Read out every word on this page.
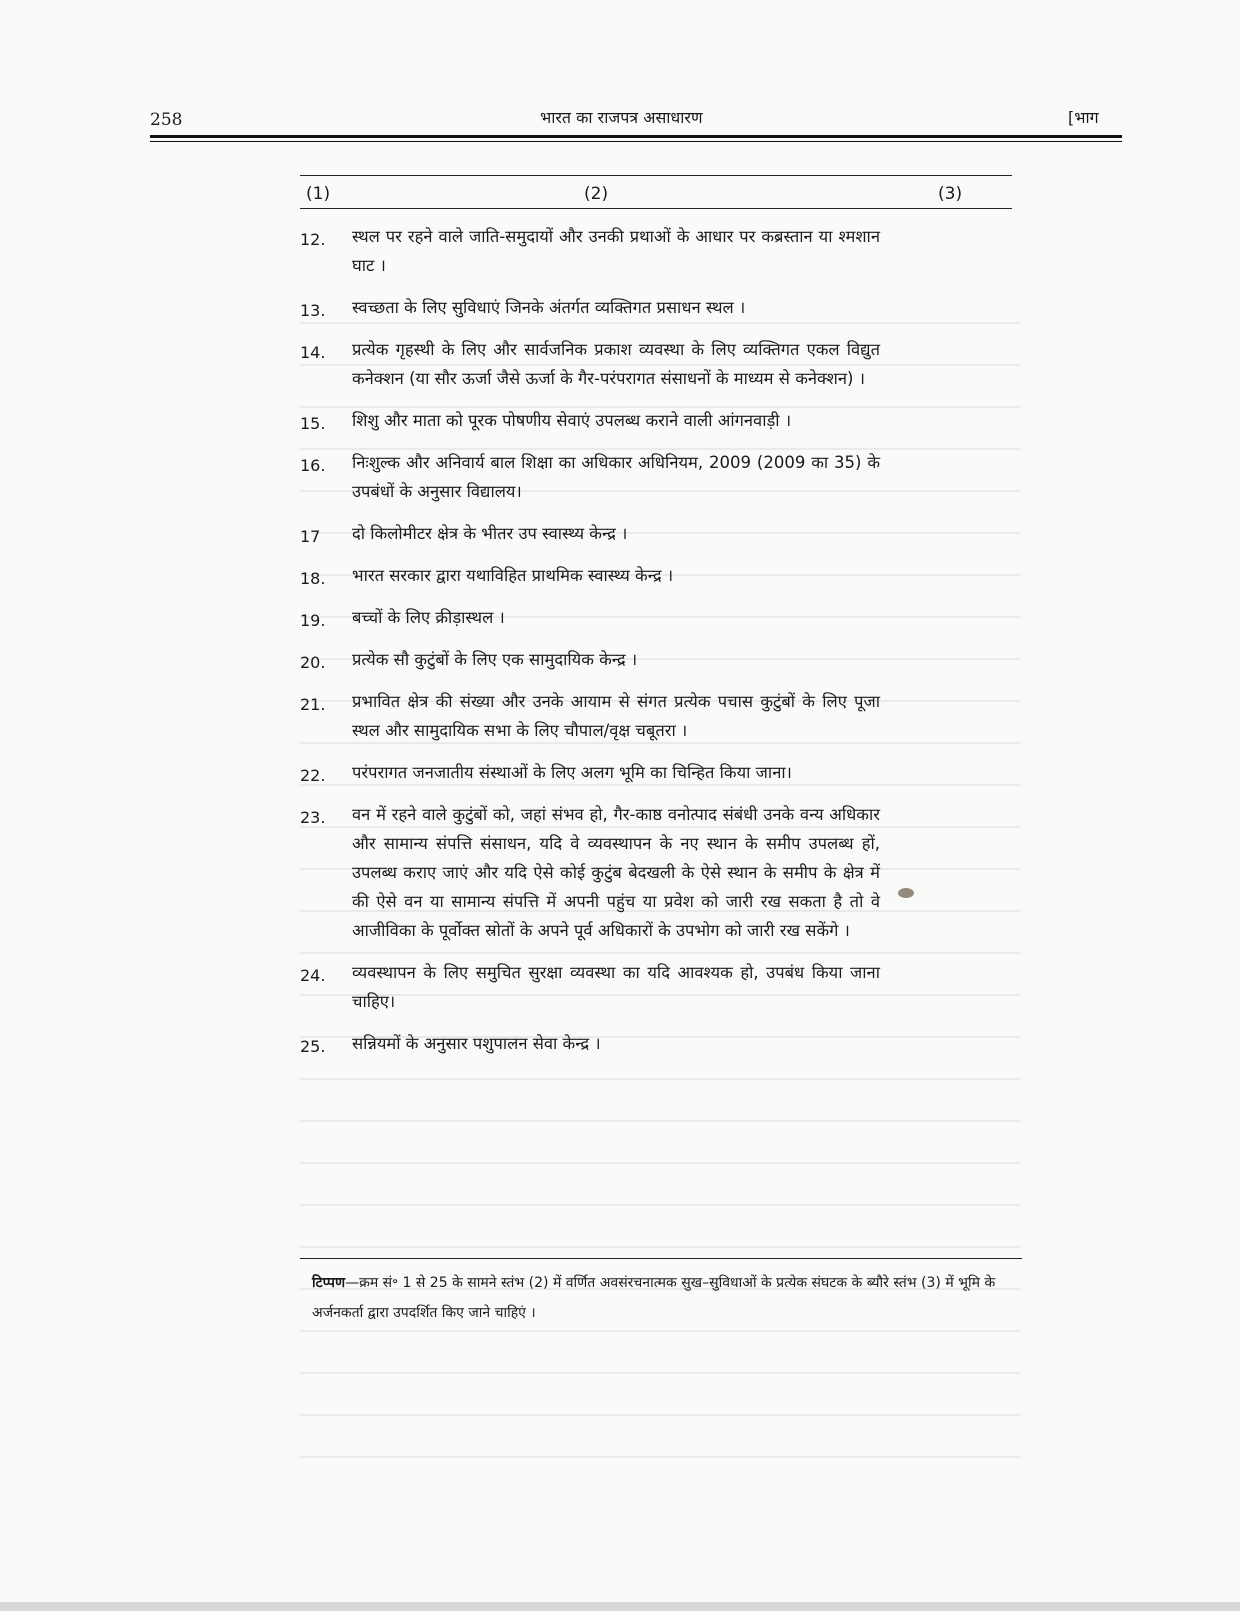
258	भारत का राजपत्र असाधारण	[भाग
(1)	(2)	(3)
12.	स्थल पर रहने वाले जाति-समुदायों और उनकी प्रथाओं के आधार पर कब्रस्तान या श्मशान घाट ।
13.	स्वच्छता के लिए सुविधाएं जिनके अंतर्गत व्यक्तिगत प्रसाधन स्थल ।
14.	प्रत्येक गृहस्थी के लिए और सार्वजनिक प्रकाश व्यवस्था के लिए व्यक्तिगत एकल विद्युत कनेक्शन (या सौर ऊर्जा जैसे ऊर्जा के गैर-परंपरागत संसाधनों के माध्यम से कनेक्शन) ।
15.	शिशु और माता को पूरक पोषणीय सेवाएं उपलब्ध कराने वाली आंगनवाड़ी ।
16.	निःशुल्क और अनिवार्य बाल शिक्षा का अधिकार अधिनियम, 2009 (2009 का 35) के उपबंधों के अनुसार विद्यालय।
17	दो किलोमीटर क्षेत्र के भीतर उप स्वास्थ्य केन्द्र ।
18.	भारत सरकार द्वारा यथाविहित प्राथमिक स्वास्थ्य केन्द्र ।
19.	बच्चों के लिए क्रीड़ास्थल ।
20.	प्रत्येक सौ कुटुंबों के लिए एक सामुदायिक केन्द्र ।
21.	प्रभावित क्षेत्र की संख्या और उनके आयाम से संगत प्रत्येक पचास कुटुंबों के लिए पूजा स्थल और सामुदायिक सभा के लिए चौपाल/वृक्ष चबूतरा ।
22.	परंपरागत जनजातीय संस्थाओं के लिए अलग भूमि का चिन्हित किया जाना।
23.	वन में रहने वाले कुटुंबों को, जहां संभव हो, गैर-काष्ठ वनोत्पाद संबंधी उनके वन्य अधिकार और सामान्य संपत्ति संसाधन, यदि वे व्यवस्थापन के नए स्थान के समीप उपलब्ध हों, उपलब्ध कराए जाएं और यदि ऐसे कोई कुटुंब बेदखली के ऐसे स्थान के समीप के क्षेत्र में की ऐसे वन या सामान्य संपत्ति में अपनी पहुंच या प्रवेश को जारी रख सकता है तो वे आजीविका के पूर्वोक्त स्रोतों के अपने पूर्व अधिकारों के उपभोग को जारी रख सकेंगे ।
24.	व्यवस्थापन के लिए समुचित सुरक्षा व्यवस्था का यदि आवश्यक हो, उपबंध किया जाना चाहिए।
25.	सन्नियमों के अनुसार पशुपालन सेवा केन्द्र ।
टिप्पण—क्रम सं॰ 1 से 25 के सामने स्तंभ (2) में वर्णित अवसंरचनात्मक सुख–सुविधाओं के प्रत्येक संघटक के ब्यौरे स्तंभ (3) में भूमि के अर्जनकर्ता द्वारा उपदर्शित किए जाने चाहिएं ।
